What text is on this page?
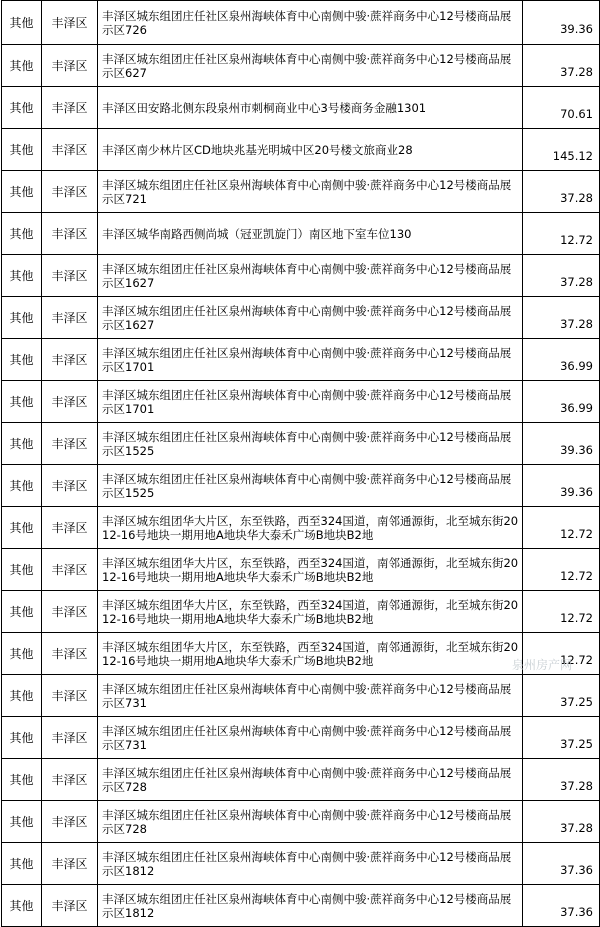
其他	丰泽区	丰泽区城东组团庄任社区泉州海峡体育中心南侧中骏·蔗祥商务中心12号楼商品展示区726	39.36
其他	丰泽区	丰泽区城东组团庄任社区泉州海峡体育中心南侧中骏·蔗祥商务中心12号楼商品展示区627	37.28
其他	丰泽区	丰泽区田安路北侧东段泉州市刺桐商业中心3号楼商务金融1301	70.61
其他	丰泽区	丰泽区南少林片区CD地块兆基光明城中区20号楼文旅商业28	145.12
其他	丰泽区	丰泽区城东组团庄任社区泉州海峡体育中心南侧中骏·蔗祥商务中心12号楼商品展示区721	37.28
其他	丰泽区	丰泽区城华南路西侧尚城（冠亚凯旋门）南区地下室车位130	12.72
其他	丰泽区	丰泽区城东组团庄任社区泉州海峡体育中心南侧中骏·蔗祥商务中心12号楼商品展示区1627	37.28
其他	丰泽区	丰泽区城东组团庄任社区泉州海峡体育中心南侧中骏·蔗祥商务中心12号楼商品展示区1627	37.28
其他	丰泽区	丰泽区城东组团庄任社区泉州海峡体育中心南侧中骏·蔗祥商务中心12号楼商品展示区1701	36.99
其他	丰泽区	丰泽区城东组团庄任社区泉州海峡体育中心南侧中骏·蔗祥商务中心12号楼商品展示区1701	36.99
其他	丰泽区	丰泽区城东组团庄任社区泉州海峡体育中心南侧中骏·蔗祥商务中心12号楼商品展示区1525	39.36
其他	丰泽区	丰泽区城东组团庄任社区泉州海峡体育中心南侧中骏·蔗祥商务中心12号楼商品展示区1525	39.36
其他	丰泽区	丰泽区城东组团华大片区，东至铁路，西至324国道，南邻通源街，北至城东街2012-16号地块一期用地A地块华大泰禾广场B地块B2地	12.72
其他	丰泽区	丰泽区城东组团华大片区，东至铁路，西至324国道，南邻通源街，北至城东街2012-16号地块一期用地A地块华大泰禾广场B地块B2地	12.72
其他	丰泽区	丰泽区城东组团华大片区，东至铁路，西至324国道，南邻通源街，北至城东街2012-16号地块一期用地A地块华大泰禾广场B地块B2地	12.72
其他	丰泽区	丰泽区城东组团华大片区，东至铁路，西至324国道，南邻通源街，北至城东街2012-16号地块一期用地A地块华大泰禾广场B地块B2地	12.72
其他	丰泽区	丰泽区城东组团庄任社区泉州海峡体育中心南侧中骏·蔗祥商务中心12号楼商品展示区731	37.25
其他	丰泽区	丰泽区城东组团庄任社区泉州海峡体育中心南侧中骏·蔗祥商务中心12号楼商品展示区731	37.25
其他	丰泽区	丰泽区城东组团庄任社区泉州海峡体育中心南侧中骏·蔗祥商务中心12号楼商品展示区728	37.28
其他	丰泽区	丰泽区城东组团庄任社区泉州海峡体育中心南侧中骏·蔗祥商务中心12号楼商品展示区728	37.28
其他	丰泽区	丰泽区城东组团庄任社区泉州海峡体育中心南侧中骏·蔗祥商务中心12号楼商品展示区1812	37.36
其他	丰泽区	丰泽区城东组团庄任社区泉州海峡体育中心南侧中骏·蔗祥商务中心12号楼商品展示区1812	37.36
泉州房产网
